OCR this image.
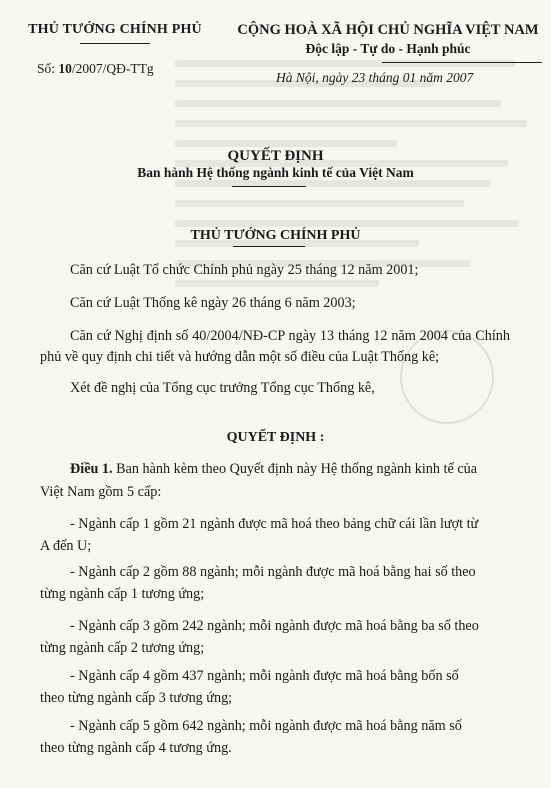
THỦ TƯỚNG CHÍNH PHỦ
Số: 10/2007/QĐ-TTg
CỘNG HOÀ XÃ HỘI CHỦ NGHĨA VIỆT NAM
Độc lập - Tự do - Hạnh phúc
Hà Nội, ngày 23 tháng 01 năm 2007
QUYẾT ĐỊNH
Ban hành Hệ thống ngành kinh tế của Việt Nam
THỦ TƯỚNG CHÍNH PHỦ
Căn cứ Luật Tổ chức Chính phủ ngày 25 tháng 12 năm 2001;
Căn cứ Luật Thống kê ngày 26 tháng 6 năm 2003;
Căn cứ Nghị định số 40/2004/NĐ-CP ngày 13 tháng 12 năm 2004 của Chính phủ về quy định chi tiết và hướng dẫn một số điều của Luật Thống kê;
Xét đề nghị của Tổng cục trưởng Tổng cục Thống kê,
QUYẾT ĐỊNH :
Điều 1. Ban hành kèm theo Quyết định này Hệ thống ngành kinh tế của
Việt Nam gồm 5 cấp:
- Ngành cấp 1 gồm 21 ngành được mã hoá theo bảng chữ cái lần lượt từ
A đến U;
- Ngành cấp 2 gồm 88 ngành; mỗi ngành được mã hoá bằng hai số theo
từng ngành cấp 1 tương ứng;
- Ngành cấp 3 gồm 242 ngành; mỗi ngành được mã hoá bằng ba số theo
từng ngành cấp 2 tương ứng;
- Ngành cấp 4 gồm 437 ngành; mỗi ngành được mã hoá bằng bốn số
theo từng ngành cấp 3 tương ứng;
- Ngành cấp 5 gồm 642 ngành; mỗi ngành được mã hoá bằng năm số
theo từng ngành cấp 4 tương ứng.
